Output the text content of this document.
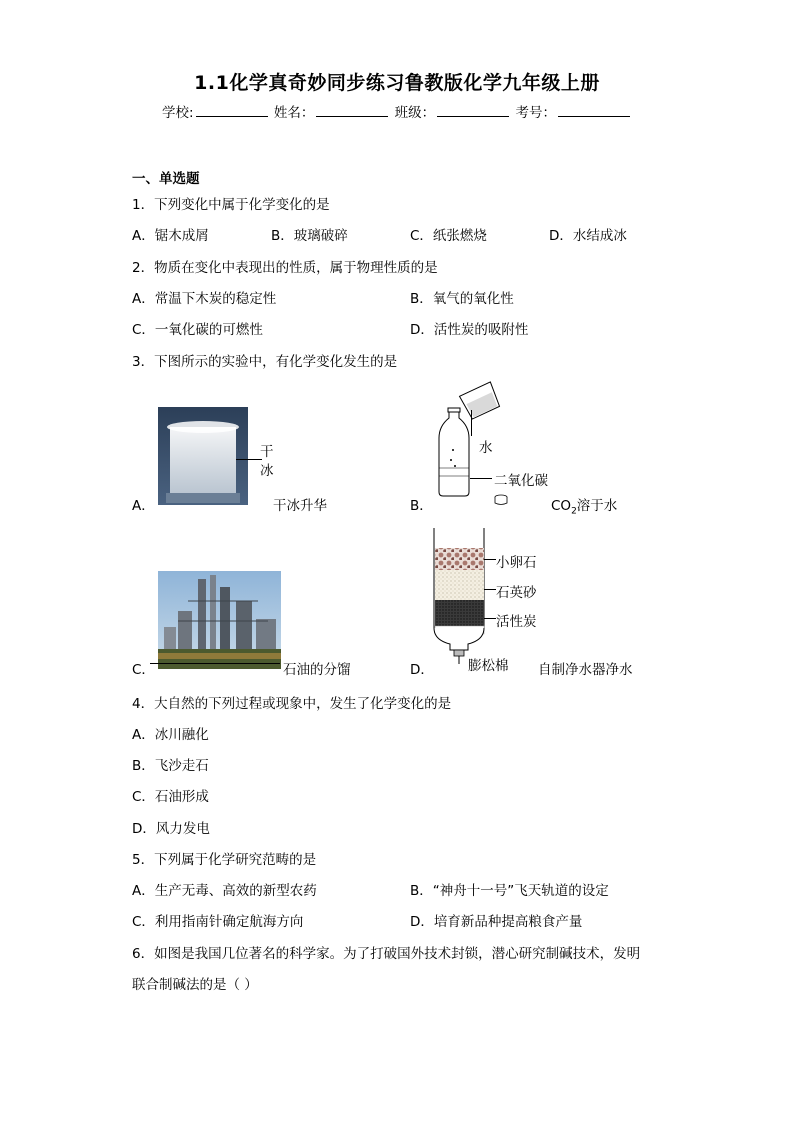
1.1化学真奇妙同步练习鲁教版化学九年级上册
学校:	姓名：	班级：	考号：
一、单选题
1．下列变化中属于化学变化的是
A．锯木成屑	B．玻璃破碎	C．纸张燃烧	D．水结成冰
2．物质在变化中表现出的性质，属于物理性质的是
A．常温下木炭的稳定性	B．氧气的氧化性
C．一氧化碳的可燃性	D．活性炭的吸附性
3．下图所示的实验中，有化学变化发生的是
干
冰
A．	干冰升华
水
二氧化碳
B．	$CO_2$溶于水
C．	石油的分馏
小卵石
石英砂
活性炭
膨松棉
D．	自制净水器净水
4．大自然的下列过程或现象中，发生了化学变化的是
A．冰川融化
B．飞沙走石
C．石油形成
D．风力发电
5．下列属于化学研究范畴的是
A．生产无毒、高效的新型农药	B．“神舟十一号”飞天轨道的设定
C．利用指南针确定航海方向	D．培育新品种提高粮食产量
6．如图是我国几位著名的科学家。为了打破国外技术封锁，潜心研究制碱技术，发明
联合制碱法的是（ ）
